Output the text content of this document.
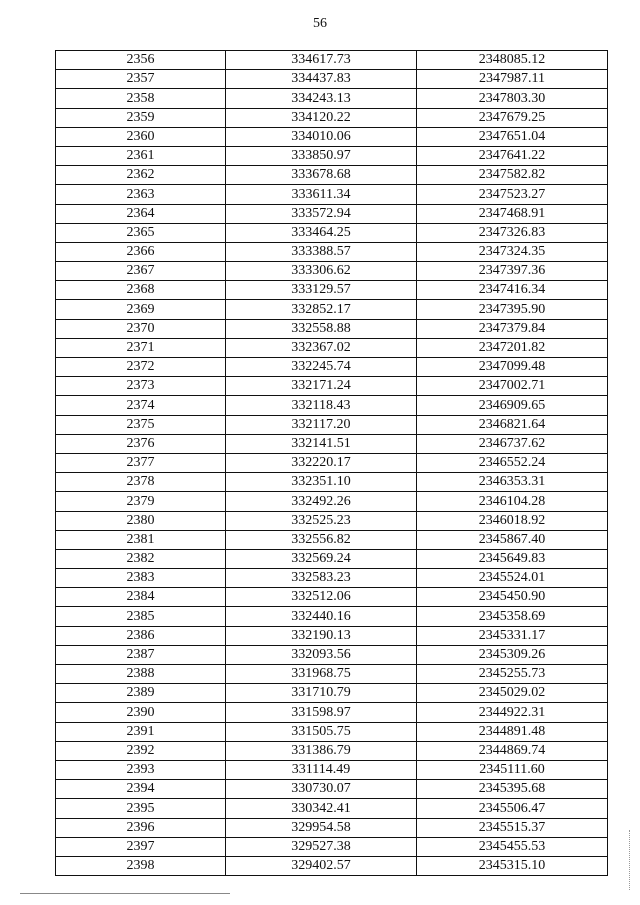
56
2356	334617.73	2348085.12
2357	334437.83	2347987.11
2358	334243.13	2347803.30
2359	334120.22	2347679.25
2360	334010.06	2347651.04
2361	333850.97	2347641.22
2362	333678.68	2347582.82
2363	333611.34	2347523.27
2364	333572.94	2347468.91
2365	333464.25	2347326.83
2366	333388.57	2347324.35
2367	333306.62	2347397.36
2368	333129.57	2347416.34
2369	332852.17	2347395.90
2370	332558.88	2347379.84
2371	332367.02	2347201.82
2372	332245.74	2347099.48
2373	332171.24	2347002.71
2374	332118.43	2346909.65
2375	332117.20	2346821.64
2376	332141.51	2346737.62
2377	332220.17	2346552.24
2378	332351.10	2346353.31
2379	332492.26	2346104.28
2380	332525.23	2346018.92
2381	332556.82	2345867.40
2382	332569.24	2345649.83
2383	332583.23	2345524.01
2384	332512.06	2345450.90
2385	332440.16	2345358.69
2386	332190.13	2345331.17
2387	332093.56	2345309.26
2388	331968.75	2345255.73
2389	331710.79	2345029.02
2390	331598.97	2344922.31
2391	331505.75	2344891.48
2392	331386.79	2344869.74
2393	331114.49	2345111.60
2394	330730.07	2345395.68
2395	330342.41	2345506.47
2396	329954.58	2345515.37
2397	329527.38	2345455.53
2398	329402.57	2345315.10
